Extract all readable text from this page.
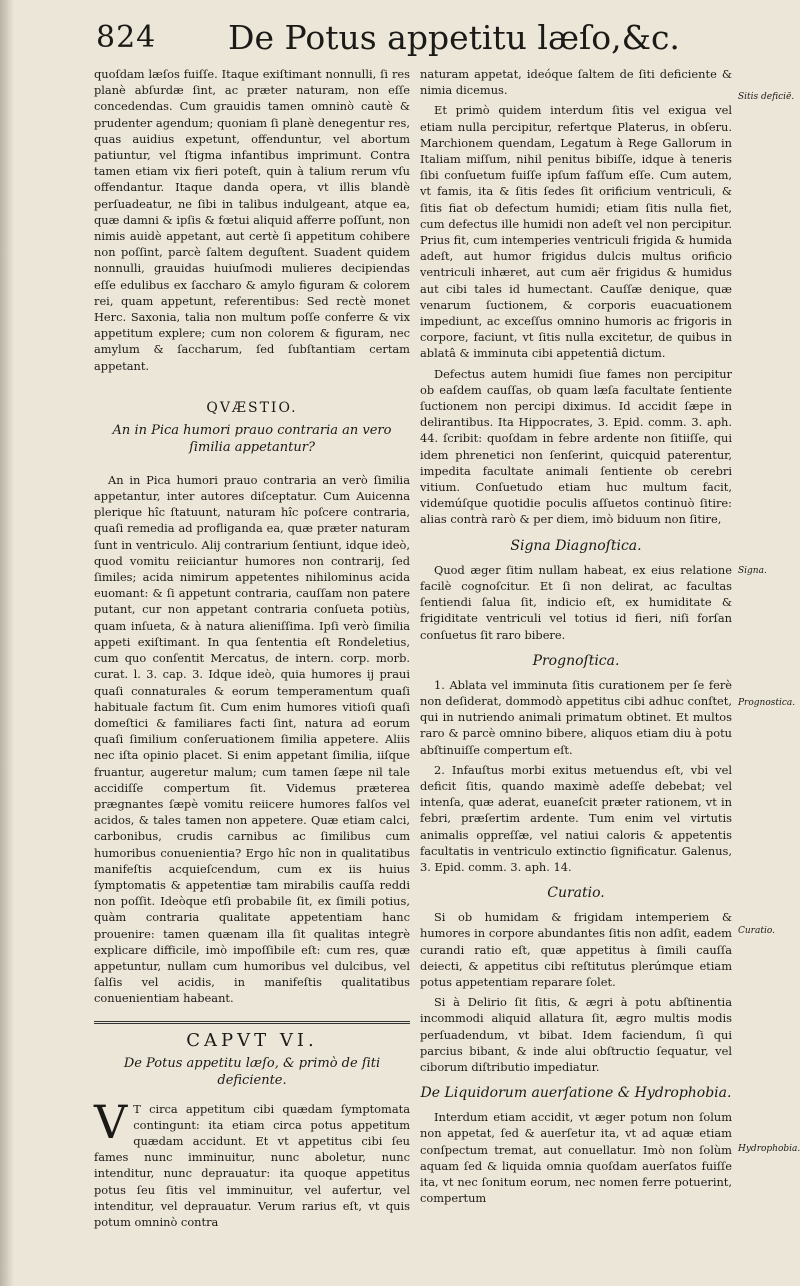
824 De Potus appetitu læſo,&c.

quoſdam læſos fuiſſe. Itaque exiſtimant nonnulli, ſi res planè abſurdæ ſint, ac præter naturam, non eſſe concedendas. Cum grauidis tamen omninò cautè & prudenter agendum; quoniam ſi planè denegentur res, quas auidius expetunt, offenduntur, vel abortum patiuntur, vel ſtigma infantibus imprimunt. Contra tamen etiam vix fieri poteſt, quin à talium rerum vſu offendantur. Itaque danda opera, vt illis blandè perſuadeatur, ne ſibi in talibus indulgeant, atque ea, quæ damni & ipſis & fœtui aliquid afferre poſſunt, non nimis auidè appetant, aut certè ſi appetitum cohibere non poſſint, parcè ſaltem deguſtent. Suadent quidem nonnulli, grauidas huiuſmodi mulieres decipiendas eſſe edulibus ex ſaccharo & amylo figuram & colorem rei, quam appetunt, referentibus: Sed rectè monet Herc. Saxonia, talia non multum poſſe conferre & vix appetitum explere; cum non colorem & figuram, nec amylum & ſaccharum, ſed ſubſtantiam certam appetant.

QVÆSTIO.
An in Pica humori prauo contraria an vero ſimilia appetantur?

An in Pica humori prauo contraria an verò ſimilia appetantur, inter autores diſceptatur. Cum Auicenna plerique hîc ſtatuunt, naturam hîc poſcere contraria, quaſi remedia ad profliganda ea, quæ præter naturam ſunt in ventriculo. Alij contrarium ſentiunt, idque ideò, quod vomitu reiiciantur humores non contrarij, ſed ſimiles; acida nimirum appetentes nihilominus acida euomant: & ſi appetunt contraria, cauſſam non patere putant, cur non appetant contraria conſueta potiùs, quam inſueta, & à natura alieniſſima. Ipſi verò ſimilia appeti exiſtimant. In qua ſententia eſt Rondeletius, cum quo conſentit Mercatus, de intern. corp. morb. curat. l. 3. cap. 3. Idque ideò, quia humores ij praui quaſi connaturales & eorum temperamentum quaſi habituale factum ſit. Cum enim humores vitioſi quaſi domeſtici & familiares facti ſint, natura ad eorum quaſi ſimilium conſeruationem ſimilia appetere. Aliis nec iſta opinio placet. Si enim appetant ſimilia, iiſque fruantur, augeretur malum; cum tamen ſæpe nil tale accidiſſe compertum ſit. Videmus præterea prægnantes ſæpè vomitu reiicere humores falſos vel acidos, & tales tamen non appetere. Quæ etiam calci, carbonibus, crudis carnibus ac ſimilibus cum humoribus conuenientia? Ergo hîc non in qualitatibus manifeſtis acquieſcendum, cum ex iis huius ſymptomatis & appetentiæ tam mirabilis cauſſa reddi non poſſit. Ideòque etſi probabile ſit, ex ſimili potius, quàm contraria qualitate appetentiam hanc prouenire: tamen quænam illa ſit qualitas integrè explicare difficile, imò impoſſibile eſt: cum res, quæ appetuntur, nullam cum humoribus vel dulcibus, vel ſalſis vel acidis, in manifeſtis qualitatibus conuenientiam habeant.

CAPVT VI.
De Potus appetitu læſo, & primò de ſiti deficiente.

V T circa appetitum cibi quædam ſymptomata contingunt: ita etiam circa potus appetitum quædam accidunt. Et vt appetitus cibi ſeu fames nunc imminuitur, nunc aboletur, nunc intenditur, nunc deprauatur: ita quoque appetitus potus ſeu ſitis vel imminuitur, vel aufertur, vel intenditur, vel deprauatur. Verum rarius eſt, vt quis potum omninò contra

naturam appetat, ideóque ſaltem de ſiti deficiente & nimia dicemus.

Et primò quidem interdum ſitis vel exigua vel etiam nulla percipitur, refertque Platerus, in obſeru. Marchionem quendam, Legatum à Rege Gallorum in Italiam miſſum, nihil penitus bibiſſe, idque à teneris ſibi conſuetum fuiſſe ipſum faſſum eſſe. Cum autem, vt famis, ita & ſitis ſedes ſit orificium ventriculi, & ſitis fiat ob defectum humidi; etiam ſitis nulla fiet, cum defectus ille humidi non adeſt vel non percipitur. Prius fit, cum intemperies ventriculi frigida & humida adeſt, aut humor frigidus dulcis multus orificio ventriculi inhæret, aut cum aër frigidus & humidus aut cibi tales id humectant. Cauſſæ denique, quæ venarum ſuctionem, & corporis euacuationem impediunt, ac exceſſus omnino humoris ac frigoris in corpore, faciunt, vt ſitis nulla excitetur, de quibus in ablatâ & imminuta cibi appetentiâ dictum.

Defectus autem humidi ſiue fames non percipitur ob eaſdem cauſſas, ob quam læſa facultate ſentiente ſuctionem non percipi diximus. Id accidit ſæpe in delirantibus. Ita Hippocrates, 3. Epid. comm. 3. aph. 44. ſcribit: quoſdam in febre ardente non ſitiiſſe, qui idem phrenetici non ſenſerint, quicquid paterentur, impedita facultate animali ſentiente ob cerebri vitium. Conſuetudo etiam huc multum facit, videmúſque quotidie poculis aſſuetos continuò ſitire: alias contrà rarò & per diem, imò biduum non ſitire,

Signa Diagnoſtica.

Quod æger ſitim nullam habeat, ex eius relatione facilè cognoſcitur. Et ſi non delirat, ac facultas ſentiendi ſalua ſit, indicio eſt, ex humiditate & frigiditate ventriculi vel totius id fieri, niſi forſan conſuetus ſit raro bibere.

Prognoſtica.

1. Ablata vel imminuta ſitis curationem per ſe ferè non deſiderat, dommodò appetitus cibi adhuc conſtet, qui in nutriendo animali primatum obtinet. Et multos raro & parcè omnino bibere, aliquos etiam diu à potu abſtinuiſſe compertum eſt.

2. Infauſtus morbi exitus metuendus eſt, vbi vel deficit ſitis, quando maximè adeſſe debebat; vel intenſa, quæ aderat, euaneſcit præter rationem, vt in febri, præſertim ardente. Tum enim vel virtutis animalis oppreſſæ, vel natiui caloris & appetentis facultatis in ventriculo extinctio ſignificatur. Galenus, 3. Epid. comm. 3. aph. 14.

Curatio.

Si ob humidam & frigidam intemperiem & humores in corpore abundantes ſitis non adſit, eadem curandi ratio eſt, quæ appetitus à ſimili cauſſa deiecti, & appetitus cibi reſtitutus plerúmque etiam potus appetentiam reparare ſolet.

Si à Delirio ſit ſitis, & ægri à potu abſtinentia incommodi aliquid allatura ſit, ægro multis modis perſuadendum, vt bibat. Idem faciendum, ſi qui parcius bibant, & inde alui obſtructio ſequatur, vel ciborum diſtributio impediatur.

De Liquidorum auerſatione & Hydrophobia.

Interdum etiam accidit, vt æger potum non ſolum non appetat, ſed & auerſetur ita, vt ad aquæ etiam conſpectum tremat, aut conuellatur. Imò non ſolùm aquam ſed & liquida omnia quoſdam auerſatos fuiſſe ita, vt nec ſonitum eorum, nec nomen ferre potuerint, compertum

Sitis deficiē.
Signa.
Prognostica.
Curatio.
Hydrophobia.
